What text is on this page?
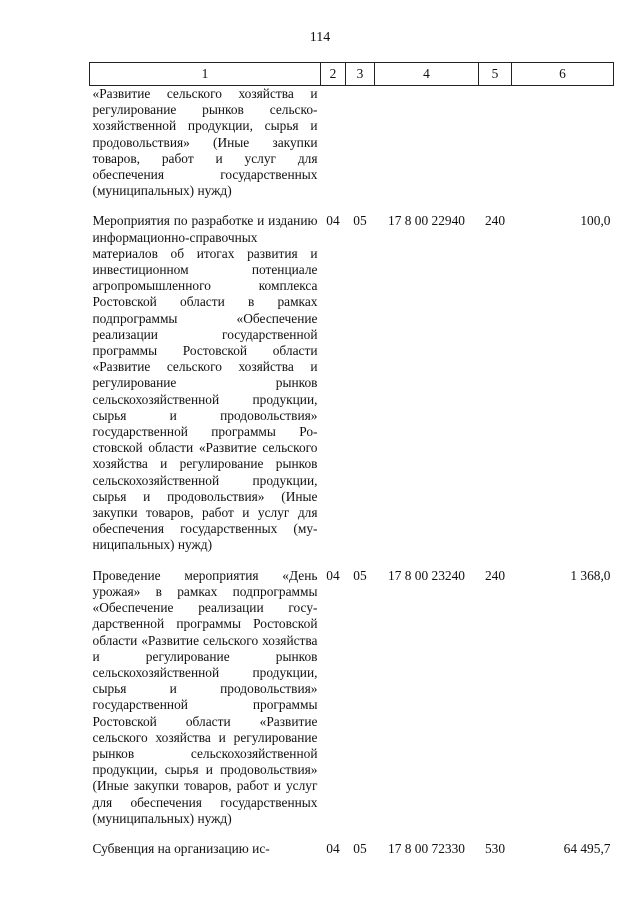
114
1	2	3	4	5	6
«Развитие сельского хозяйства и регулирование рынков сельскохозяйственной продукции, сырья и продовольствия» (Иные закупки товаров, работ и услуг для обеспечения государственных (муниципальных) нужд)					
Мероприятия по разработке и изданию информационно-справочных материалов об итогах развития и инвестиционном потенциале агропромышленного комплекса Ростовской области в рамках подпрограммы «Обеспечение реализации государственной программы Ростовской области «Развитие сельского хозяйства и регулирование рынков сельскохозяйственной продукции, сырья и продовольствия» государственной программы Ростовской области «Развитие сельского хозяйства и регулирование рынков сельскохозяйственной продукции, сырья и продовольствия» (Иные закупки товаров, работ и услуг для обеспечения государственных (муниципальных) нужд)	04	05	17 8 00 22940	240	100,0
Проведение мероприятия «День урожая» в рамках подпрограммы «Обеспечение реализации государственной программы Ростовской области «Развитие сельского хозяйства и регулирование рынков сельскохозяйственной продукции, сырья и продовольствия» государственной программы Ростовской области «Развитие сельского хозяйства и регулирование рынков сельскохозяйственной продукции, сырья и продовольствия» (Иные закупки товаров, работ и услуг для обеспечения государственных (муниципальных) нужд)	04	05	17 8 00 23240	240	1 368,0
Субвенция на организацию ис-	04	05	17 8 00 72330	530	64 495,7
